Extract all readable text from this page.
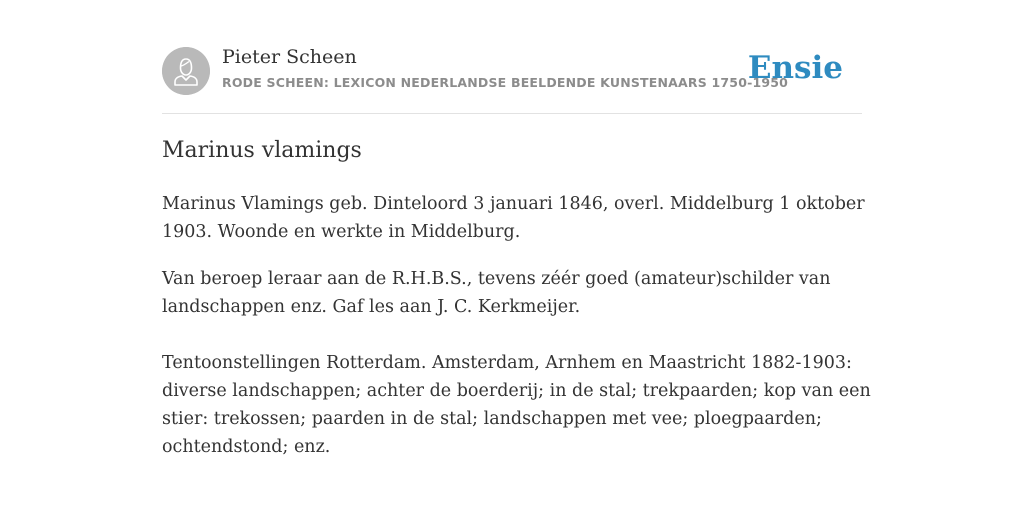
Pieter Scheen
RODE SCHEEN: LEXICON NEDERLANDSE BEELDENDE KUNSTENAARS 1750-1950
Ensie
Marinus vlamings

Marinus Vlamings geb. Dinteloord 3 januari 1846, overl. Middelburg 1 oktober
1903. Woonde en werkte in Middelburg.

Van beroep leraar aan de R.H.B.S., tevens zéér goed (amateur)schilder van
landschappen enz. Gaf les aan J. C. Kerkmeijer.

Tentoonstellingen Rotterdam. Amsterdam, Arnhem en Maastricht 1882-1903:
diverse landschappen; achter de boerderij; in de stal; trekpaarden; kop van een
stier: trekossen; paarden in de stal; landschappen met vee; ploegpaarden;
ochtendstond; enz.
